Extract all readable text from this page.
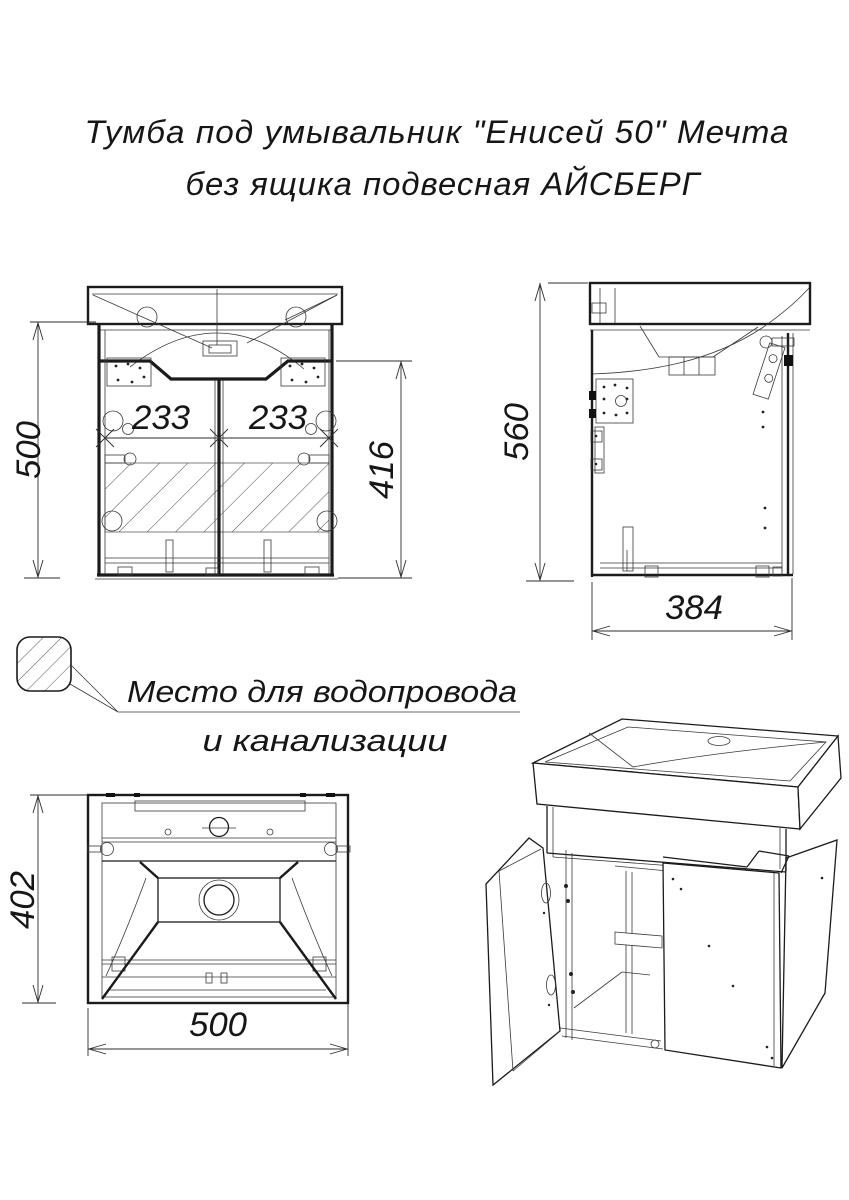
Тумба под умывальник "Енисей 50" Мечта
без ящика подвесная АЙСБЕРГ
500	416
233 233	560
384
Место для водопровода
и канализации
402
500
